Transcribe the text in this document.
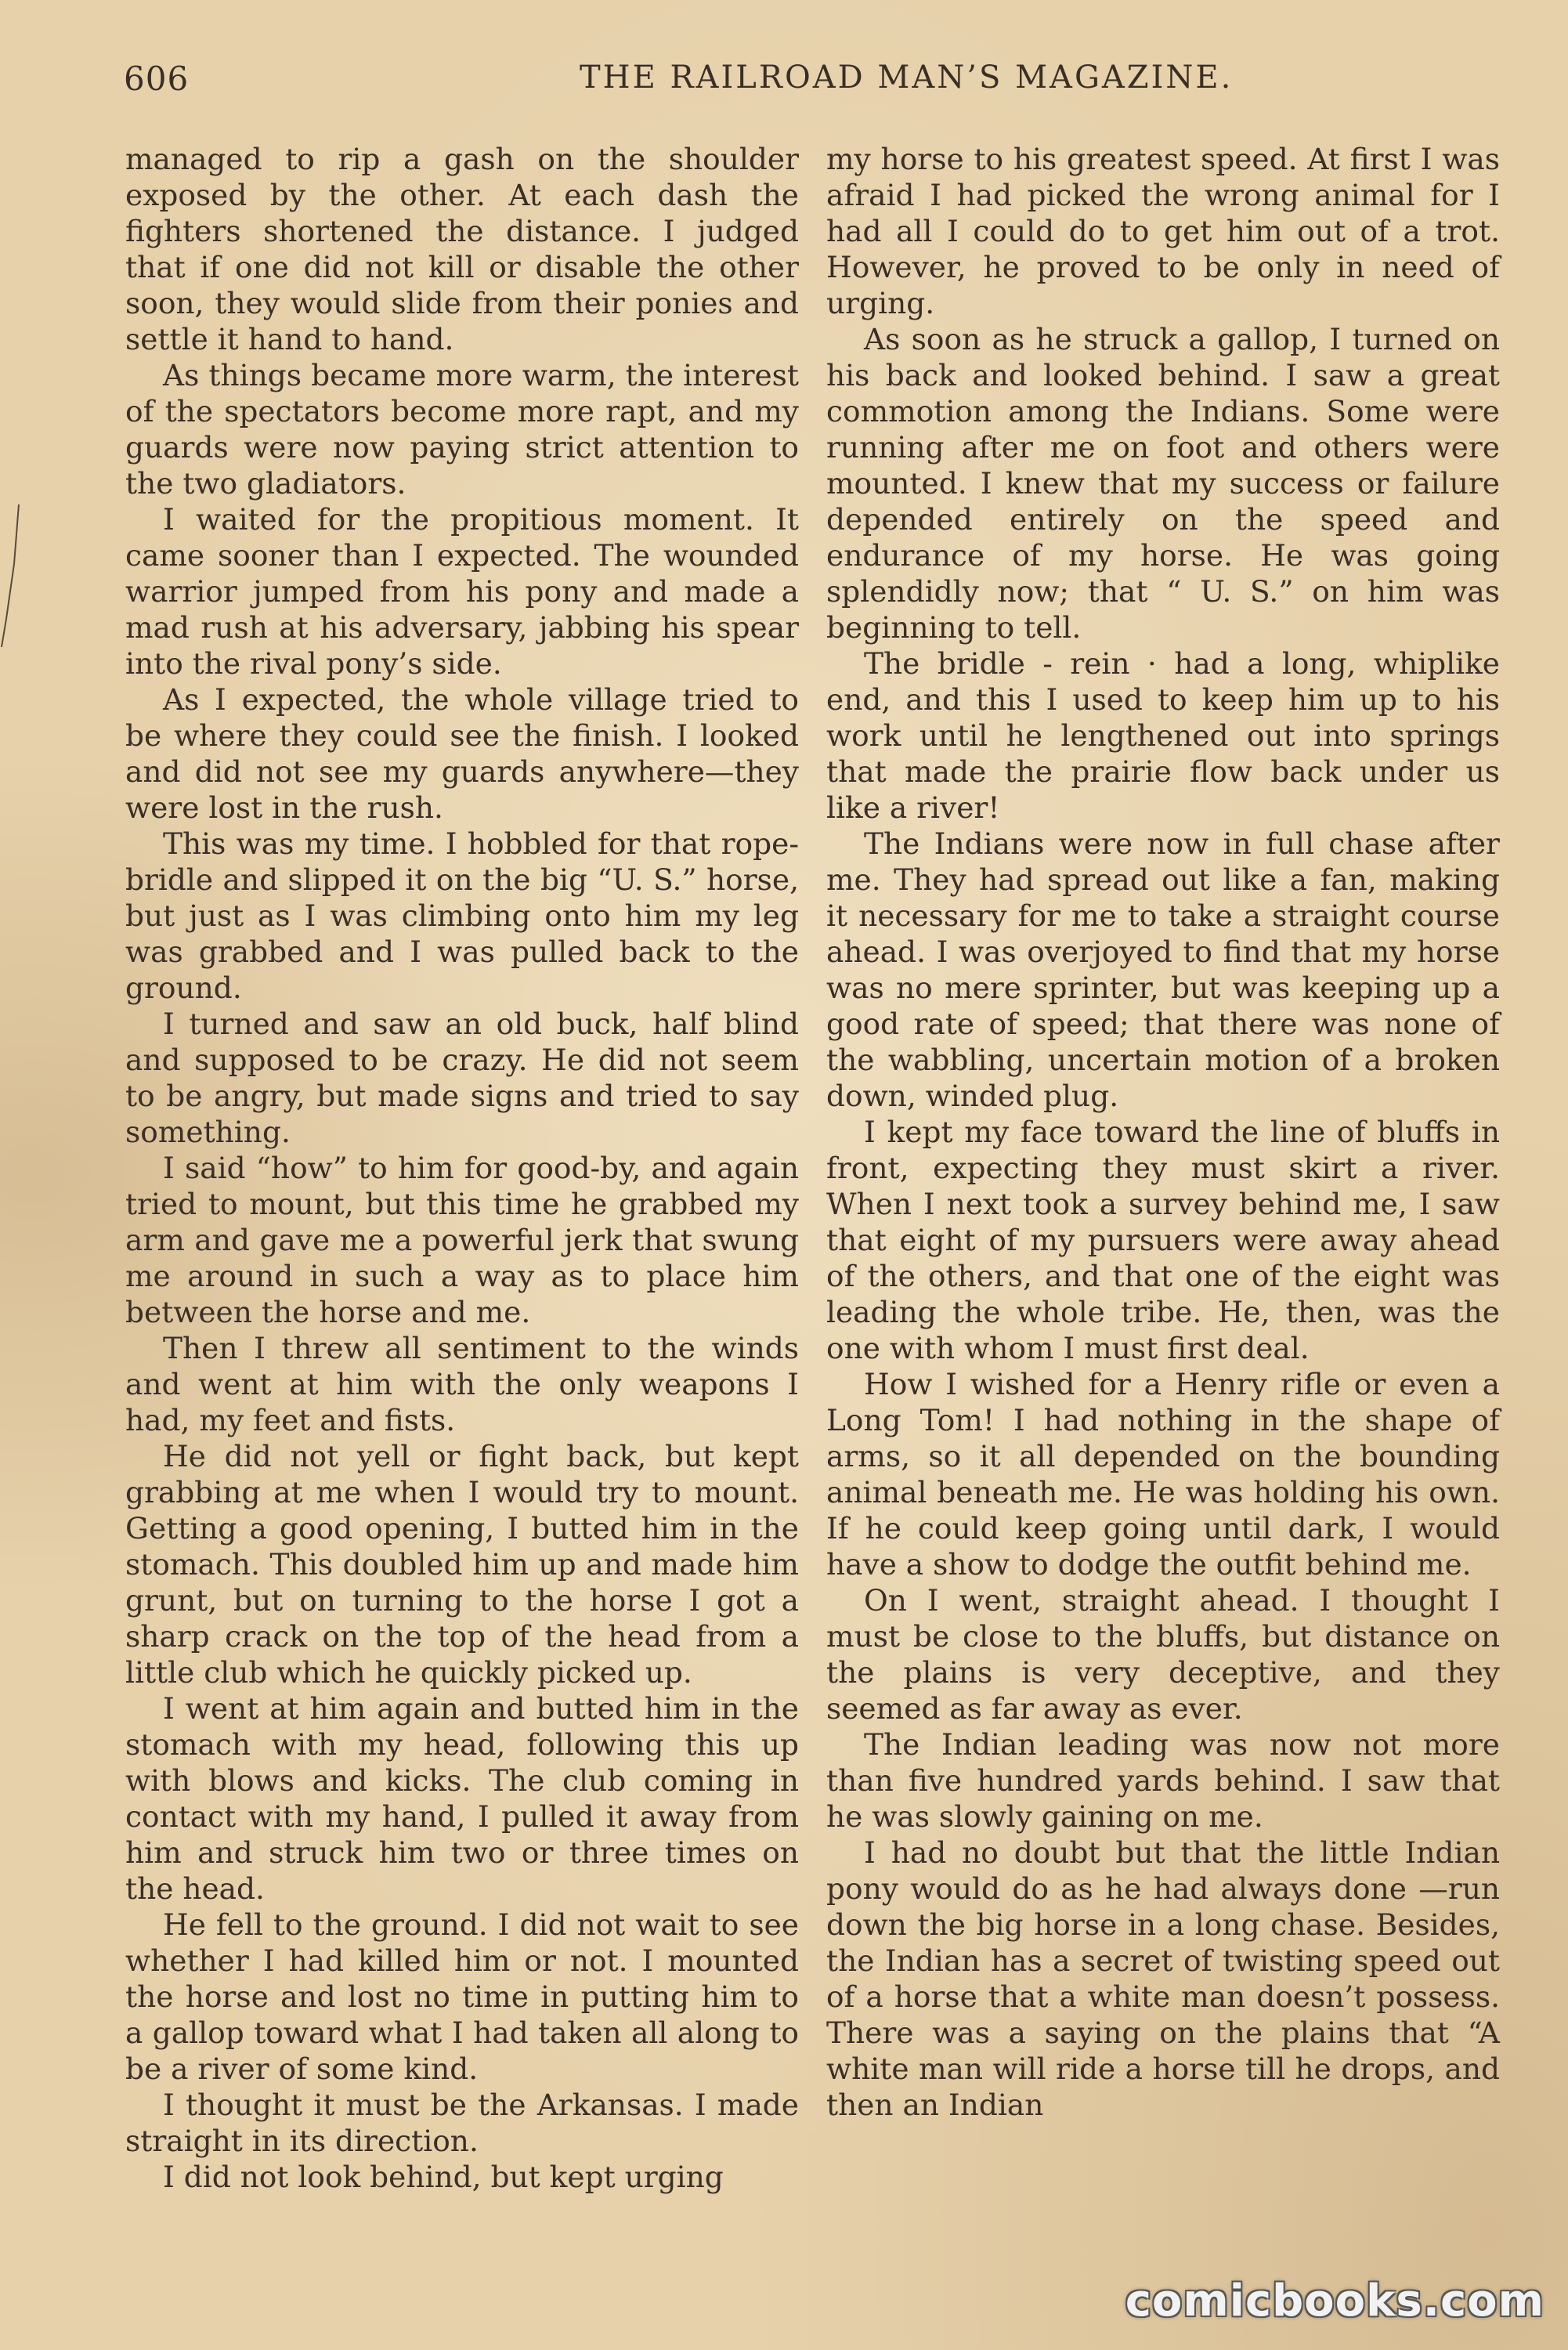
606	THE RAILROAD MAN’S MAGAZINE.

managed to rip a gash on the shoulder exposed by the other. At each dash the fighters shortened the distance. I judged that if one did not kill or disable the other soon, they would slide from their ponies and settle it hand to hand.

As things became more warm, the interest of the spectators become more rapt, and my guards were now paying strict attention to the two gladiators.

I waited for the propitious moment. It came sooner than I expected. The wounded warrior jumped from his pony and made a mad rush at his adversary, jabbing his spear into the rival pony’s side.

As I expected, the whole village tried to be where they could see the finish. I looked and did not see my guards anywhere—they were lost in the rush.

This was my time. I hobbled for that rope-bridle and slipped it on the big “U. S.” horse, but just as I was climbing onto him my leg was grabbed and I was pulled back to the ground.

I turned and saw an old buck, half blind and supposed to be crazy. He did not seem to be angry, but made signs and tried to say something.

I said “how” to him for good-by, and again tried to mount, but this time he grabbed my arm and gave me a powerful jerk that swung me around in such a way as to place him between the horse and me.

Then I threw all sentiment to the winds and went at him with the only weapons I had, my feet and fists.

He did not yell or fight back, but kept grabbing at me when I would try to mount. Getting a good opening, I butted him in the stomach. This doubled him up and made him grunt, but on turning to the horse I got a sharp crack on the top of the head from a little club which he quickly picked up.

I went at him again and butted him in the stomach with my head, following this up with blows and kicks. The club coming in contact with my hand, I pulled it away from him and struck him two or three times on the head.

He fell to the ground. I did not wait to see whether I had killed him or not. I mounted the horse and lost no time in putting him to a gallop toward what I had taken all along to be a river of some kind.

I thought it must be the Arkansas. I made straight in its direction.

I did not look behind, but kept urging

my horse to his greatest speed. At first I was afraid I had picked the wrong animal for I had all I could do to get him out of a trot. However, he proved to be only in need of urging.

As soon as he struck a gallop, I turned on his back and looked behind. I saw a great commotion among the Indians. Some were running after me on foot and others were mounted. I knew that my success or failure depended entirely on the speed and endurance of my horse. He was going splendidly now; that “ U. S.” on him was beginning to tell.

The bridle - rein · had a long, whiplike end, and this I used to keep him up to his work until he lengthened out into springs that made the prairie flow back under us like a river!

The Indians were now in full chase after me. They had spread out like a fan, making it necessary for me to take a straight course ahead. I was overjoyed to find that my horse was no mere sprinter, but was keeping up a good rate of speed; that there was none of the wabbling, uncertain motion of a broken down, winded plug.

I kept my face toward the line of bluffs in front, expecting they must skirt a river. When I next took a survey behind me, I saw that eight of my pursuers were away ahead of the others, and that one of the eight was leading the whole tribe. He, then, was the one with whom I must first deal.

How I wished for a Henry rifle or even a Long Tom! I had nothing in the shape of arms, so it all depended on the bounding animal beneath me. He was holding his own. If he could keep going until dark, I would have a show to dodge the outfit behind me.

On I went, straight ahead. I thought I must be close to the bluffs, but distance on the plains is very deceptive, and they seemed as far away as ever.

The Indian leading was now not more than five hundred yards behind. I saw that he was slowly gaining on me.

I had no doubt but that the little Indian pony would do as he had always done —run down the big horse in a long chase. Besides, the Indian has a secret of twisting speed out of a horse that a white man doesn’t possess. There was a saying on the plains that “A white man will ride a horse till he drops, and then an Indian

comicbooks.com
